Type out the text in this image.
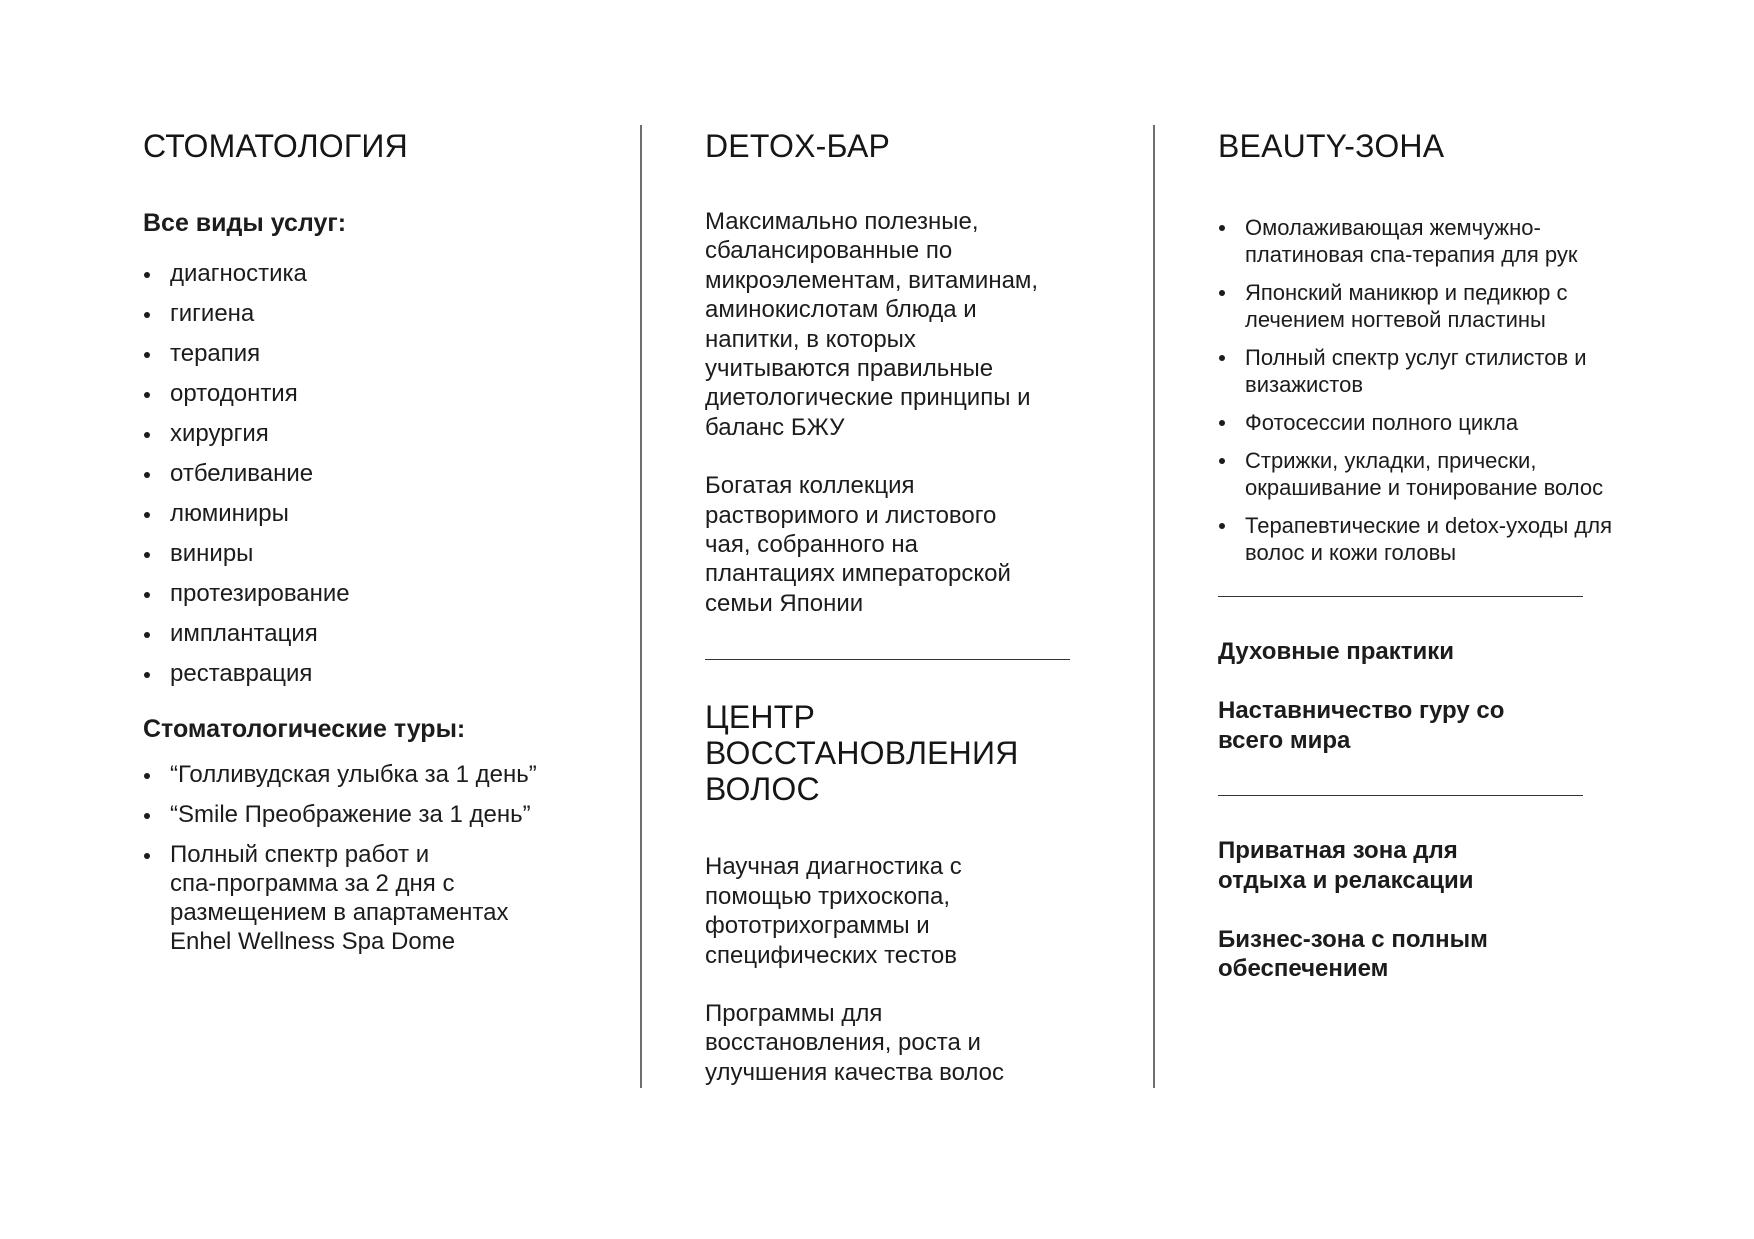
СТОМАТОЛОГИЯ
Все виды услуг:
диагностика
гигиена
терапия
ортодонтия
хирургия
отбеливание
люминиры
виниры
протезирование
имплантация
реставрация
Стоматологические туры:
“Голливудская улыбка за 1 день”
“Smile Преображение за 1 день”
Полный спектр работ и
спа-программа за 2 дня с
размещением в апартаментах
Enhel Wellness Spa Dome
DETOX-БАР

Максимально полезные,
сбалансированные по
микроэлементам, витаминам,
аминокислотам блюда и
напитки, в которых
учитываются правильные
диетологические принципы и
баланс БЖУ

Богатая коллекция
растворимого и листового
чая, собранного на
плантациях императорской
семьи Японии

ЦЕНТР
ВОССТАНОВЛЕНИЯ
ВОЛОС

Научная диагностика с
помощью трихоскопа,
фототрихограммы и
специфических тестов

Программы для
восстановления, роста и
улучшения качества волос

BEAUTY-ЗОНА
Омолаживающая жемчужно-
платиновая спа-терапия для рук
Японский маникюр и педикюр с
лечением ногтевой пластины
Полный спектр услуг стилистов и
визажистов
Фотосессии полного цикла
Стрижки, укладки, прически,
окрашивание и тонирование волос
Терапевтические и detox-уходы для
волос и кожи головы
Духовные практики
Наставничество гуру со
всего мира
Приватная зона для
отдыха и релаксации
Бизнес-зона с полным
обеспечением
